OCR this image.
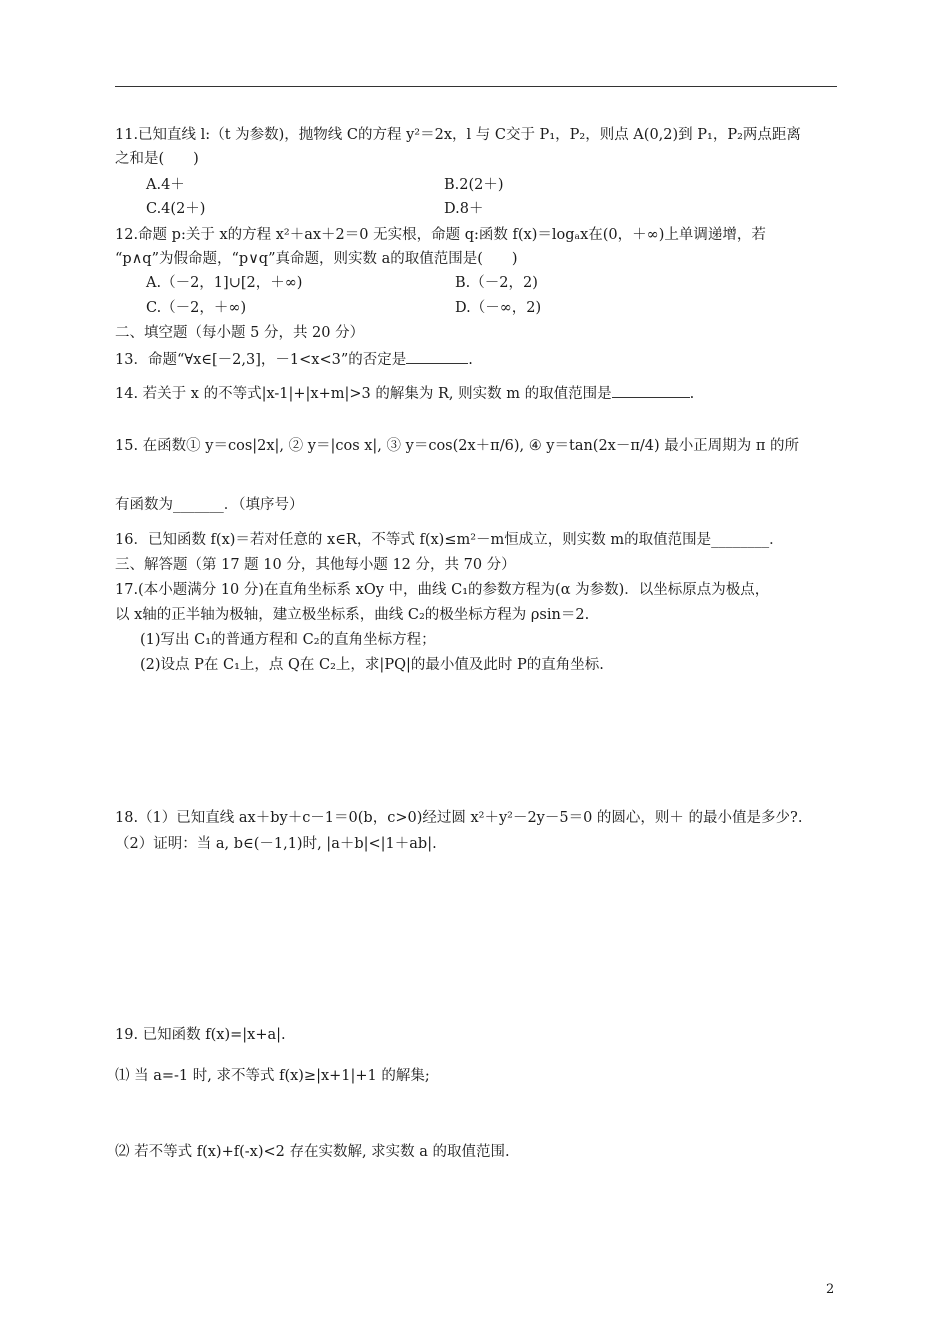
11.已知直线 l:（t 为参数)，抛物线 C的方程 y²＝2x，l 与 C交于 P₁，P₂，则点 A(0,2)到 P₁，P₂两点距离
之和是(　　)
A.4＋	B.2(2＋)
C.4(2＋)	D.8＋
12.命题 p:关于 x的方程 x²＋ax＋2＝0 无实根，命题 q:函数 f(x)＝logₐx在(0，＋∞)上单调递增，若
“p∧q”为假命题，“p∨q”真命题，则实数 a的取值范围是(　　)
A.（－2，1]∪[2，＋∞)	B.（－2，2)
C.（－2，＋∞)	D.（－∞，2)
二、填空题（每小题 5 分，共 20 分）
13．命题“∀x∈[－2,3]，－1<x<3”的否定是	.
14. 若关于 x 的不等式|x-1|+|x+m|>3 的解集为 R, 则实数 m 的取值范围是	.
15. 在函数① y＝cos|2x|, ② y＝|cos x|, ③ y＝cos(2x＋π/6), ④ y＝tan(2x－π/4) 最小正周期为 π 的所
有函数为_______．（填序号）
16．已知函数 f(x)＝若对任意的 x∈R，不等式 f(x)≤m²－m恒成立，则实数 m的取值范围是________．
三、解答题（第 17 题 10 分，其他每小题 12 分，共 70 分）
17.(本小题满分 10 分)在直角坐标系 xOy 中，曲线 C₁的参数方程为(α 为参数)．以坐标原点为极点，
以 x轴的正半轴为极轴，建立极坐标系，曲线 C₂的极坐标方程为 ρsin＝2.
(1)写出 C₁的普通方程和 C₂的直角坐标方程；
(2)设点 P在 C₁上，点 Q在 C₂上，求|PQ|的最小值及此时 P的直角坐标.
18.（1）已知直线 ax＋by＋c－1＝0(b，c>0)经过圆 x²＋y²－2y－5＝0 的圆心，则＋ 的最小值是多少?.
（2）证明：当 a, b∈(－1,1)时, |a＋b|<|1＋ab|.
19. 已知函数 f(x)=|x+a|.
⑴ 当 a=-1 时, 求不等式 f(x)≥|x+1|+1 的解集;
⑵ 若不等式 f(x)+f(-x)<2 存在实数解, 求实数 a 的取值范围.
2
